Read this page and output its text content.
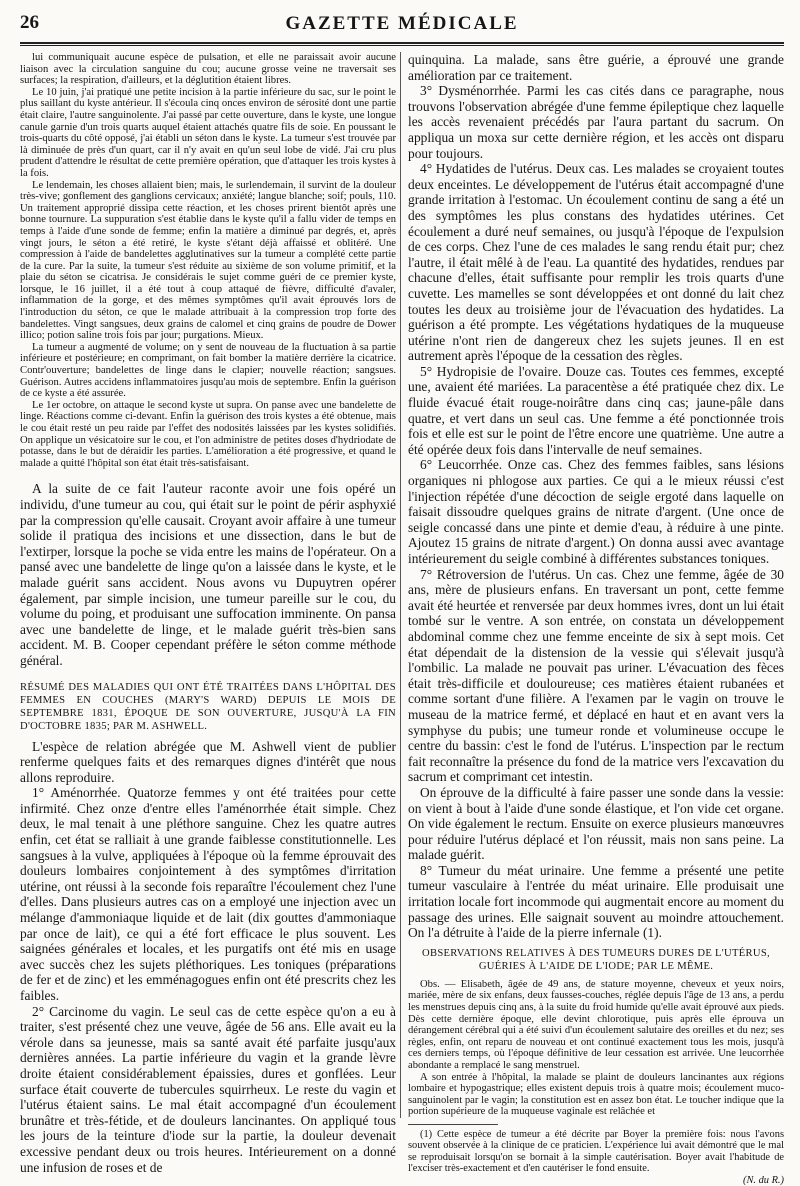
26	GAZETTE MÉDICALE

lui communiquait aucune espèce de pulsation, et elle ne paraissait avoir aucune liaison avec la circulation sanguine du cou; aucune grosse veine ne traversait ses surfaces; la respiration, d'ailleurs, et la déglutition étaient libres.

Le 10 juin, j'ai pratiqué une petite incision à la partie inférieure du sac, sur le point le plus saillant du kyste antérieur. Il s'écoula cinq onces environ de sérosité dont une partie était claire, l'autre sanguinolente. J'ai passé par cette ouverture, dans le kyste, une longue canule garnie d'un trois quarts auquel étaient attachés quatre fils de soie. En poussant le trois-quarts du côté opposé, j'ai établi un séton dans le kyste. La tumeur s'est trouvée par là diminuée de près d'un quart, car il n'y avait en qu'un seul lobe de vidé. J'ai cru plus prudent d'attendre le résultat de cette première opération, que d'attaquer les trois kystes à la fois.

Le lendemain, les choses allaient bien; mais, le surlendemain, il survint de la douleur très-vive; gonflement des ganglions cervicaux; anxiété; langue blanche; soif; pouls, 110. Un traitement approprié dissipa cette réaction, et les choses prirent bientôt après une bonne tournure. La suppuration s'est établie dans le kyste qu'il a fallu vider de temps en temps à l'aide d'une sonde de femme; enfin la matière a diminué par degrés, et, après vingt jours, le séton a été retiré, le kyste s'étant déjà affaissé et oblitéré. Une compression à l'aide de bandelettes agglutinatives sur la tumeur a complété cette partie de la cure. Par la suite, la tumeur s'est réduite au sixième de son volume primitif, et la plaie du séton se cicatrisa. Je considérais le sujet comme guéri de ce premier kyste, lorsque, le 16 juillet, il a été tout à coup attaqué de fièvre, difficulté d'avaler, inflammation de la gorge, et des mêmes symptômes qu'il avait éprouvés lors de l'introduction du séton, ce que le malade attribuait à la compression trop forte des bandelettes. Vingt sangsues, deux grains de calomel et cinq grains de poudre de Dower illico; potion saline trois fois par jour; purgations. Mieux.

La tumeur a augmenté de volume; on y sent de nouveau de la fluctuation à sa partie inférieure et postérieure; en comprimant, on fait bomber la matière derrière la cicatrice. Contr'ouverture; bandelettes de linge dans le clapier; nouvelle réaction; sangsues. Guérison. Autres accidens inflammatoires jusqu'au mois de septembre. Enfin la guérison de ce kyste a été assurée.

Le 1er octobre, on attaque le second kyste ut supra. On panse avec une bandelette de linge. Réactions comme ci-devant. Enfin la guérison des trois kystes a été obtenue, mais le cou était resté un peu raide par l'effet des nodosités laissées par les kystes solidifiés. On applique un vésicatoire sur le cou, et l'on administre de petites doses d'hydriodate de potasse, dans le but de déraidir les parties. L'amélioration a été progressive, et quand le malade a quitté l'hôpital son état était très-satisfaisant.

A la suite de ce fait l'auteur raconte avoir une fois opéré un individu, d'une tumeur au cou, qui était sur le point de périr asphyxié par la compression qu'elle causait. Croyant avoir affaire à une tumeur solide il pratiqua des incisions et une dissection, dans le but de l'extirper, lorsque la poche se vida entre les mains de l'opérateur. On a pansé avec une bandelette de linge qu'on a laissée dans le kyste, et le malade guérit sans accident. Nous avons vu Dupuytren opérer également, par simple incision, une tumeur pareille sur le cou, du volume du poing, et produisant une suffocation imminente. On pansa avec une bandelette de linge, et le malade guérit très-bien sans accident. M. B. Cooper cependant préfère le séton comme méthode général.

RÉSUMÉ DES MALADIES QUI ONT ÉTÉ TRAITÉES DANS L'HÔPITAL DES FEMMES EN COUCHES (MARY'S WARD) DEPUIS LE MOIS DE SEPTEMBRE 1831, ÉPOQUE DE SON OUVERTURE, JUSQU'À LA FIN D'OCTOBRE 1835; PAR M. ASHWELL.

L'espèce de relation abrégée que M. Ashwell vient de publier renferme quelques faits et des remarques dignes d'intérêt que nous allons reproduire.

1° Aménorrhée. Quatorze femmes y ont été traitées pour cette infirmité. Chez onze d'entre elles l'aménorrhée était simple. Chez deux, le mal tenait à une pléthore sanguine. Chez les quatre autres enfin, cet état se ralliait à une grande faiblesse constitutionnelle. Les sangsues à la vulve, appliquées à l'époque où la femme éprouvait des douleurs lombaires conjointement à des symptômes d'irritation utérine, ont réussi à la seconde fois reparaître l'écoulement chez l'une d'elles. Dans plusieurs autres cas on a employé une injection avec un mélange d'ammoniaque liquide et de lait (dix gouttes d'ammoniaque par once de lait), ce qui a été fort efficace le plus souvent. Les saignées générales et locales, et les purgatifs ont été mis en usage avec succès chez les sujets pléthoriques. Les toniques (préparations de fer et de zinc) et les emménagogues enfin ont été prescrits chez les faibles.

2° Carcinome du vagin. Le seul cas de cette espèce qu'on a eu à traiter, s'est présenté chez une veuve, âgée de 56 ans. Elle avait eu la vérole dans sa jeunesse, mais sa santé avait été parfaite jusqu'aux dernières années. La partie inférieure du vagin et la grande lèvre droite étaient considérablement épaissies, dures et gonflées. Leur surface était couverte de tubercules squirrheux. Le reste du vagin et l'utérus étaient sains. Le mal était accompagné d'un écoulement brunâtre et très-fétide, et de douleurs lancinantes. On appliqué tous les jours de la teinture d'iode sur la partie, la douleur devenait excessive pendant deux ou trois heures. Intérieurement on a donné une infusion de roses et de

quinquina. La malade, sans être guérie, a éprouvé une grande amélioration par ce traitement.

3° Dysménorrhée. Parmi les cas cités dans ce paragraphe, nous trouvons l'observation abrégée d'une femme épileptique chez laquelle les accès revenaient précédés par l'aura partant du sacrum. On appliqua un moxa sur cette dernière région, et les accès ont disparu pour toujours.

4° Hydatides de l'utérus. Deux cas. Les malades se croyaient toutes deux enceintes. Le développement de l'utérus était accompagné d'une grande irritation à l'estomac. Un écoulement continu de sang a été un des symptômes les plus constans des hydatides utérines. Cet écoulement a duré neuf semaines, ou jusqu'à l'époque de l'expulsion de ces corps. Chez l'une de ces malades le sang rendu était pur; chez l'autre, il était mêlé à de l'eau. La quantité des hydatides, rendues par chacune d'elles, était suffisante pour remplir les trois quarts d'une cuvette. Les mamelles se sont développées et ont donné du lait chez toutes les deux au troisième jour de l'évacuation des hydatides. La guérison a été prompte. Les végétations hydatiques de la muqueuse utérine n'ont rien de dangereux chez les sujets jeunes. Il en est autrement après l'époque de la cessation des règles.

5° Hydropisie de l'ovaire. Douze cas. Toutes ces femmes, excepté une, avaient été mariées. La paracentèse a été pratiquée chez dix. Le fluide évacué était rouge-noirâtre dans cinq cas; jaune-pâle dans quatre, et vert dans un seul cas. Une femme a été ponctionnée trois fois et elle est sur le point de l'être encore une quatrième. Une autre a été opérée deux fois dans l'intervalle de neuf semaines.

6° Leucorrhée. Onze cas. Chez des femmes faibles, sans lésions organiques ni phlogose aux parties. Ce qui a le mieux réussi c'est l'injection répétée d'une décoction de seigle ergoté dans laquelle on faisait dissoudre quelques grains de nitrate d'argent. (Une once de seigle concassé dans une pinte et demie d'eau, à réduire à une pinte. Ajoutez 15 grains de nitrate d'argent.) On donna aussi avec avantage intérieurement du seigle combiné à différentes substances toniques.

7° Rétroversion de l'utérus. Un cas. Chez une femme, âgée de 30 ans, mère de plusieurs enfans. En traversant un pont, cette femme avait été heurtée et renversée par deux hommes ivres, dont un lui était tombé sur le ventre. A son entrée, on constata un développement abdominal comme chez une femme enceinte de six à sept mois. Cet état dépendait de la distension de la vessie qui s'élevait jusqu'à l'ombilic. La malade ne pouvait pas uriner. L'évacuation des fèces était très-difficile et douloureuse; ces matières étaient rubanées et comme sortant d'une filière. A l'examen par le vagin on trouve le museau de la matrice fermé, et déplacé en haut et en avant vers la symphyse du pubis; une tumeur ronde et volumineuse occupe le centre du bassin: c'est le fond de l'utérus. L'inspection par le rectum fait reconnaître la présence du fond de la matrice vers l'excavation du sacrum et comprimant cet intestin.

On éprouve de la difficulté à faire passer une sonde dans la vessie: on vient à bout à l'aide d'une sonde élastique, et l'on vide cet organe. On vide également le rectum. Ensuite on exerce plusieurs manœuvres pour réduire l'utérus déplacé et l'on réussit, mais non sans peine. La malade guérit.

8° Tumeur du méat urinaire. Une femme a présenté une petite tumeur vasculaire à l'entrée du méat urinaire. Elle produisait une irritation locale fort incommode qui augmentait encore au moment du passage des urines. Elle saignait souvent au moindre attouchement. On l'a détruite à l'aide de la pierre infernale (1).

OBSERVATIONS RELATIVES À DES TUMEURS DURES DE L'UTÉRUS, GUÉRIES À L'AIDE DE L'IODE; PAR LE MÊME.

Obs. — Elisabeth, âgée de 49 ans, de stature moyenne, cheveux et yeux noirs, mariée, mère de six enfans, deux fausses-couches, réglée depuis l'âge de 13 ans, a perdu les menstrues depuis cinq ans, à la suite du froid humide qu'elle avait éprouvé aux pieds. Dès cette dernière époque, elle devint chlorotique, puis après elle éprouva un dérangement cérébral qui a été suivi d'un écoulement salutaire des oreilles et du nez; ses règles, enfin, ont reparu de nouveau et ont continué exactement tous les mois, jusqu'à ces derniers temps, où l'époque définitive de leur cessation est arrivée. Une leucorrhée abondante a remplacé le sang menstruel.

A son entrée à l'hôpital, la malade se plaint de douleurs lancinantes aux régions lombaire et hypogastrique; elles existent depuis trois à quatre mois; écoulement muco-sanguinolent par le vagin; la constitution est en assez bon état. Le toucher indique que la portion supérieure de la muqueuse vaginale est relâchée et

(1) Cette espèce de tumeur a été décrite par Boyer la première fois: nous l'avons souvent observée à la clinique de ce praticien. L'expérience lui avait démontré que le mal se reproduisait lorsqu'on se bornait à la simple cautérisation. Boyer avait l'habitude de l'exciser très-exactement et d'en cautériser le fond ensuite.

(N. du R.)
